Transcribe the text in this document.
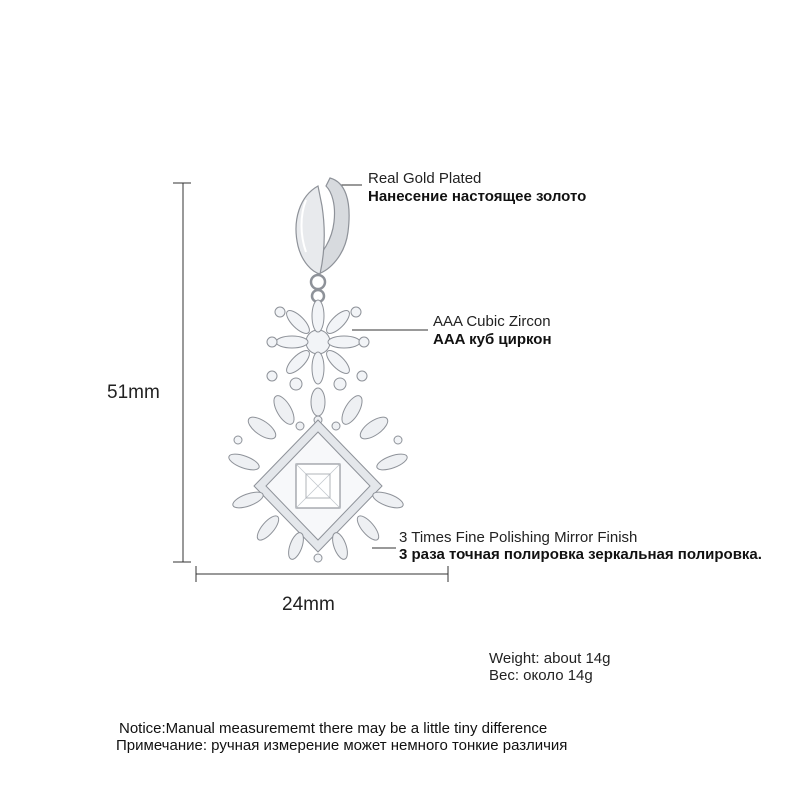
51mm
24mm
Real Gold Plated
Нанесение настоящее золото
AAA Cubic Zircon
AAA куб циркон
3 Times Fine Polishing Mirror Finish
3 раза точная полировка зеркальная полировка.
Weight: about 14g
Вес: около 14g
Notice:Manual measurememt there may be a little tiny difference
Примечание: ручная измерение может немного тонкие различия
